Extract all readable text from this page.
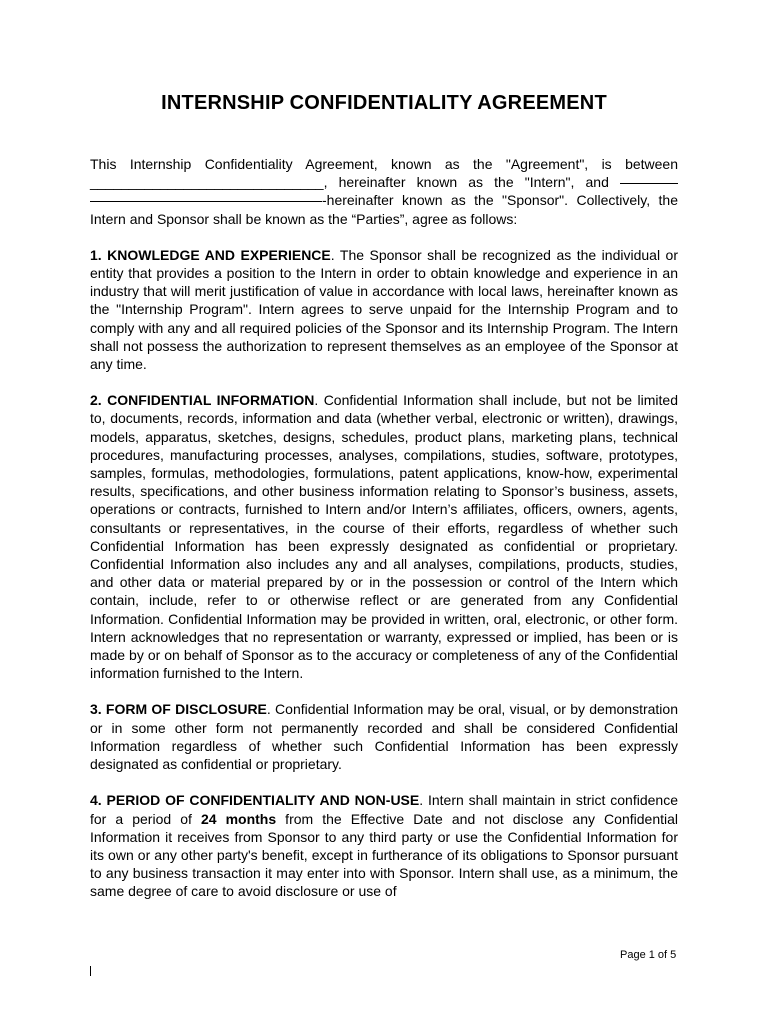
INTERNSHIP CONFIDENTIALITY AGREEMENT

This Internship Confidentiality Agreement, known as the "Agreement", is between ______________________________, hereinafter known as the "Intern", and  -hereinafter known as the "Sponsor". Collectively, the Intern and Sponsor shall be known as the “Parties”, agree as follows:

1. KNOWLEDGE AND EXPERIENCE. The Sponsor shall be recognized as the individual or entity that provides a position to the Intern in order to obtain knowledge and experience in an industry that will merit justification of value in accordance with local laws, hereinafter known as the "Internship Program". Intern agrees to serve unpaid for the Internship Program and to comply with any and all required policies of the Sponsor and its Internship Program. The Intern shall not possess the authorization to represent themselves as an employee of the Sponsor at any time.

2. CONFIDENTIAL INFORMATION. Confidential Information shall include, but not be limited to, documents, records, information and data (whether verbal, electronic or written), drawings, models, apparatus, sketches, designs, schedules, product plans, marketing plans, technical procedures, manufacturing processes, analyses, compilations, studies, software, prototypes, samples, formulas, methodologies, formulations, patent applications, know-how, experimental results, specifications, and other business information relating to Sponsor’s business, assets, operations or contracts, furnished to Intern and/or Intern’s affiliates, officers, owners, agents, consultants or representatives, in the course of their efforts, regardless of whether such Confidential Information has been expressly designated as confidential or proprietary. Confidential Information also includes any and all analyses, compilations, products, studies, and other data or material prepared by or in the possession or control of the Intern which contain, include, refer to or otherwise reflect or are generated from any Confidential Information. Confidential Information may be provided in written, oral, electronic, or other form. Intern acknowledges that no representation or warranty, expressed or implied, has been or is made by or on behalf of Sponsor as to the accuracy or completeness of any of the Confidential information furnished to the Intern.

3. FORM OF DISCLOSURE. Confidential Information may be oral, visual, or by demonstration or in some other form not permanently recorded and shall be considered Confidential Information regardless of whether such Confidential Information has been expressly designated as confidential or proprietary.

4. PERIOD OF CONFIDENTIALITY AND NON-USE. Intern shall maintain in strict confidence for a period of 24 months from the Effective Date and not disclose any Confidential Information it receives from Sponsor to any third party or use the Confidential Information for its own or any other party's benefit, except in furtherance of its obligations to Sponsor pursuant to any business transaction it may enter into with Sponsor. Intern shall use, as a minimum, the same degree of care to avoid disclosure or use of

Page 1 of 5
